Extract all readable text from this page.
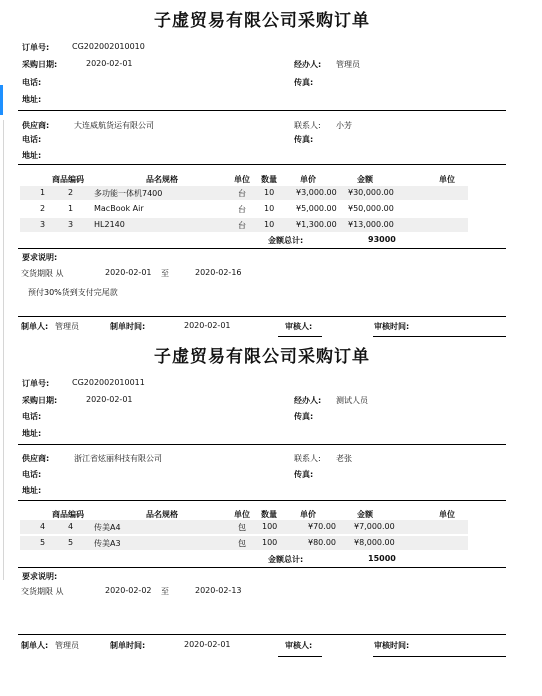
子虚贸易有限公司采购订单
订单号:	CG202002010010
采购日期:	2020-02-01	经办人: 管理员
电话:	传真:
地址:
供应商:	大连威航货运有限公司	联系人: 小芳
电话:	传真:
地址:
商品编码	品名规格	单位 数量	单价	金额	单位
1	2	多功能一体机7400	台 10	¥3,000.00 ¥30,000.00
2	1	MacBook Air	台 10	¥5,000.00 ¥50,000.00
3	3	HL2140	台 10	¥1,300.00 ¥13,000.00
金额总计:	93000
要求说明:
交货期限 从	2020-02-01 至	2020-02-16
预付30%货到支付完尾款
制单人: 管理员	制单时间:	2020-02-01	审核人:	审核时间:
子虚贸易有限公司采购订单
订单号:	CG202002010011
采购日期:	2020-02-01	经办人: 测试人员
电话:	传真:
地址:
供应商:	浙江省炫丽科技有限公司	联系人: 老张
电话:	传真:
地址:
商品编码	品名规格	单位 数量	单价	金额	单位
4	4	传美A4	包 100	¥70.00 ¥7,000.00
5	5	传美A3	包 100	¥80.00 ¥8,000.00
金额总计:	15000
要求说明:
交货期限 从	2020-02-02 至	2020-02-13
制单人: 管理员	制单时间:	2020-02-01	审核人:	审核时间:
